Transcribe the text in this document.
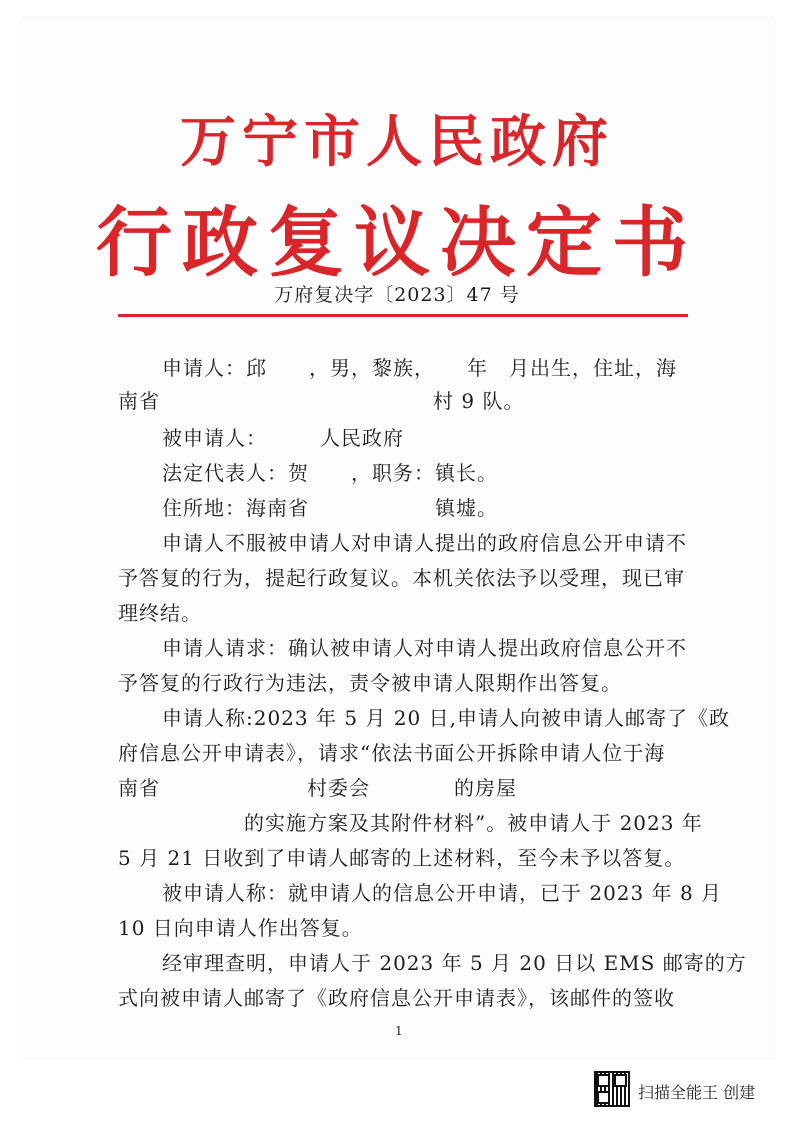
万宁市人民政府
行政复议决定书
万府复决字〔2023〕47 号
申请人：邱　　，男，黎族，　　年　月出生，住址，海
南省　　　　　　　　　　　　　村 9 队。
被申请人：　　　人民政府
法定代表人：贺　　，职务：镇长。
住所地：海南省　　　　　　镇墟。
申请人不服被申请人对申请人提出的政府信息公开申请不
予答复的行为，提起行政复议。本机关依法予以受理，现已审
理终结。
申请人请求：确认被申请人对申请人提出政府信息公开不
予答复的行政行为违法，责令被申请人限期作出答复。
申请人称:2023 年 5 月 20 日,申请人向被申请人邮寄了《政
府信息公开申请表》，请求“依法书面公开拆除申请人位于海
南省　　　　　　　村委会　　　　的房屋　　　　　　　
　　　　　　的实施方案及其附件材料”。被申请人于 2023 年
5 月 21 日收到了申请人邮寄的上述材料，至今未予以答复。
被申请人称：就申请人的信息公开申请，已于 2023 年 8 月
10 日向申请人作出答复。
经审理查明，申请人于 2023 年 5 月 20 日以 EMS 邮寄的方
式向被申请人邮寄了《政府信息公开申请表》，该邮件的签收
1
扫描全能王 创建
